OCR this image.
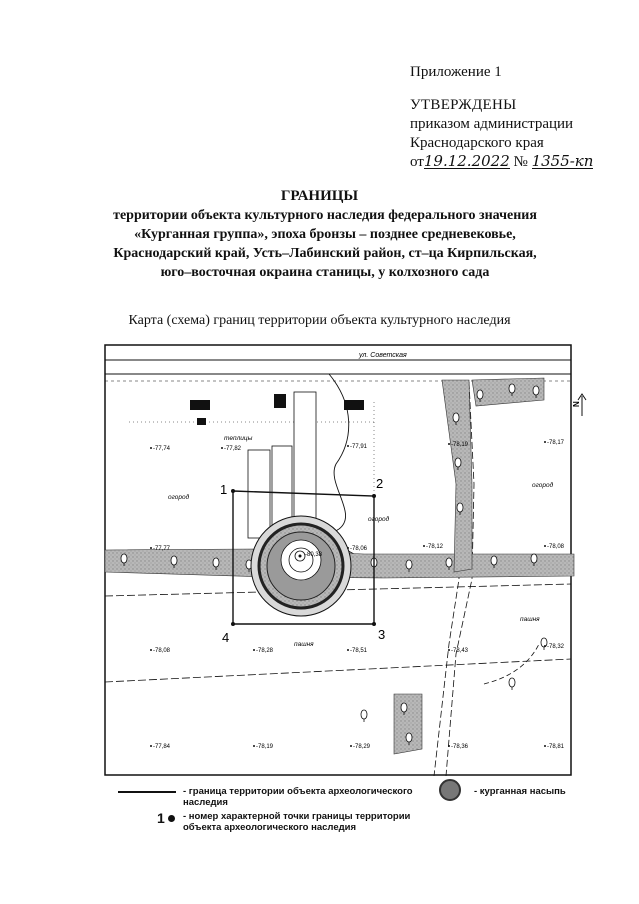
Приложение 1
УТВЕРЖДЕНЫ
приказом администрации
Краснодарского края
от19.12.2022 № 1355-кп
ГРАНИЦЫ
территории объекта культурного наследия федерального значения
«Курганная группа», эпоха бронзы – позднее средневековье,
Краснодарский край, Усть–Лабинский район, ст–ца Кирпильская,
юго–восточная окраина станицы, у колхозного сада
Карта (схема) границ территории объекта культурного наследия
ул. Советская
-80,38
1	2
3
4
N
теплицы
огород
огород
огород
пашня
пашня
-77,74	-77,82	-77,91	-78,19	-78,17
-77,77	-78,06	-78,12	-78,08
-78,08	-78,28	-78,51	-78,43
-78,32
-77,84	-78,19	-78,29	-78,36	-78,81
- граница территории объекта археологического наследия
- курганная насыпь
1 - номер характерной точки границы территории объекта археологического наследия
